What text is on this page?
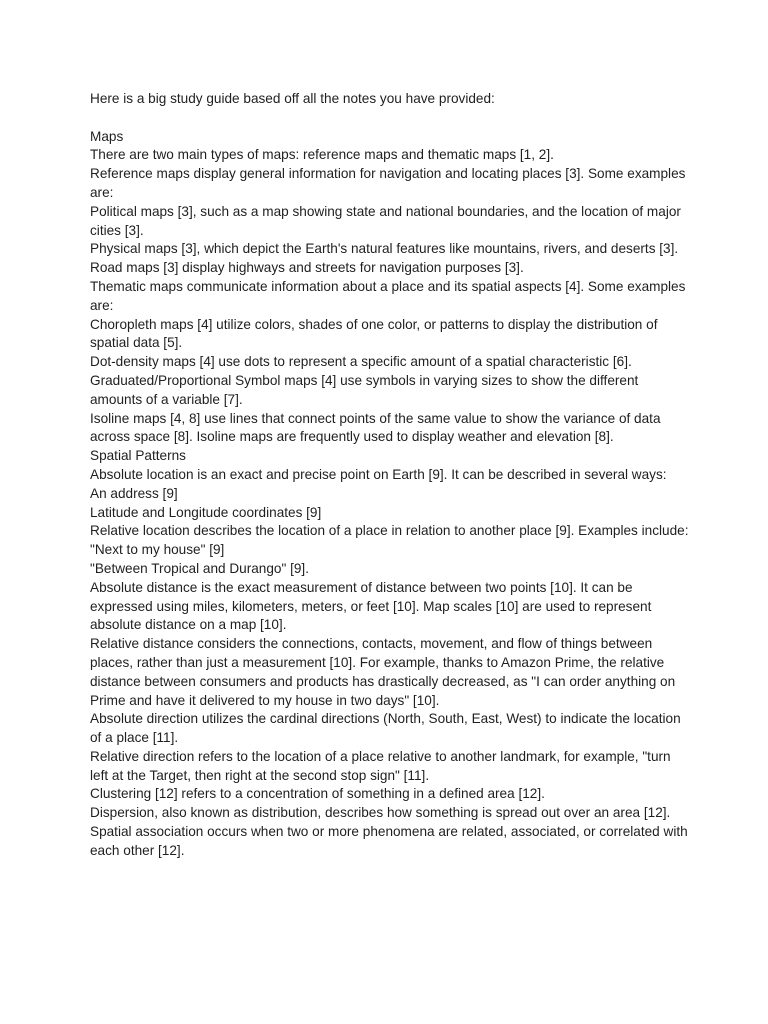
Here is a big study guide based off all the notes you have provided:

Maps

There are two main types of maps: reference maps and thematic maps [1, 2].

Reference maps display general information for navigation and locating places [3]. Some examples are:

Political maps [3], such as a map showing state and national boundaries, and the location of major cities [3].

Physical maps [3], which depict the Earth's natural features like mountains, rivers, and deserts [3].

Road maps [3] display highways and streets for navigation purposes [3].

Thematic maps communicate information about a place and its spatial aspects [4]. Some examples are:

Choropleth maps [4] utilize colors, shades of one color, or patterns to display the distribution of spatial data [5].

Dot-density maps [4] use dots to represent a specific amount of a spatial characteristic [6].

Graduated/Proportional Symbol maps [4] use symbols in varying sizes to show the different amounts of a variable [7].

Isoline maps [4, 8] use lines that connect points of the same value to show the variance of data across space [8]. Isoline maps are frequently used to display weather and elevation [8].

Spatial Patterns

Absolute location is an exact and precise point on Earth [9]. It can be described in several ways:

An address [9]

Latitude and Longitude coordinates [9]

Relative location describes the location of a place in relation to another place [9]. Examples include:

"Next to my house" [9]

"Between Tropical and Durango" [9].

Absolute distance is the exact measurement of distance between two points [10]. It can be expressed using miles, kilometers, meters, or feet [10]. Map scales [10] are used to represent absolute distance on a map [10].

Relative distance considers the connections, contacts, movement, and flow of things between places, rather than just a measurement [10]. For example, thanks to Amazon Prime, the relative distance between consumers and products has drastically decreased, as "I can order anything on Prime and have it delivered to my house in two days" [10].

Absolute direction utilizes the cardinal directions (North, South, East, West) to indicate the location of a place [11].

Relative direction refers to the location of a place relative to another landmark, for example, "turn left at the Target, then right at the second stop sign" [11].

Clustering [12] refers to a concentration of something in a defined area [12].

Dispersion, also known as distribution, describes how something is spread out over an area [12].

Spatial association occurs when two or more phenomena are related, associated, or correlated with each other [12].
